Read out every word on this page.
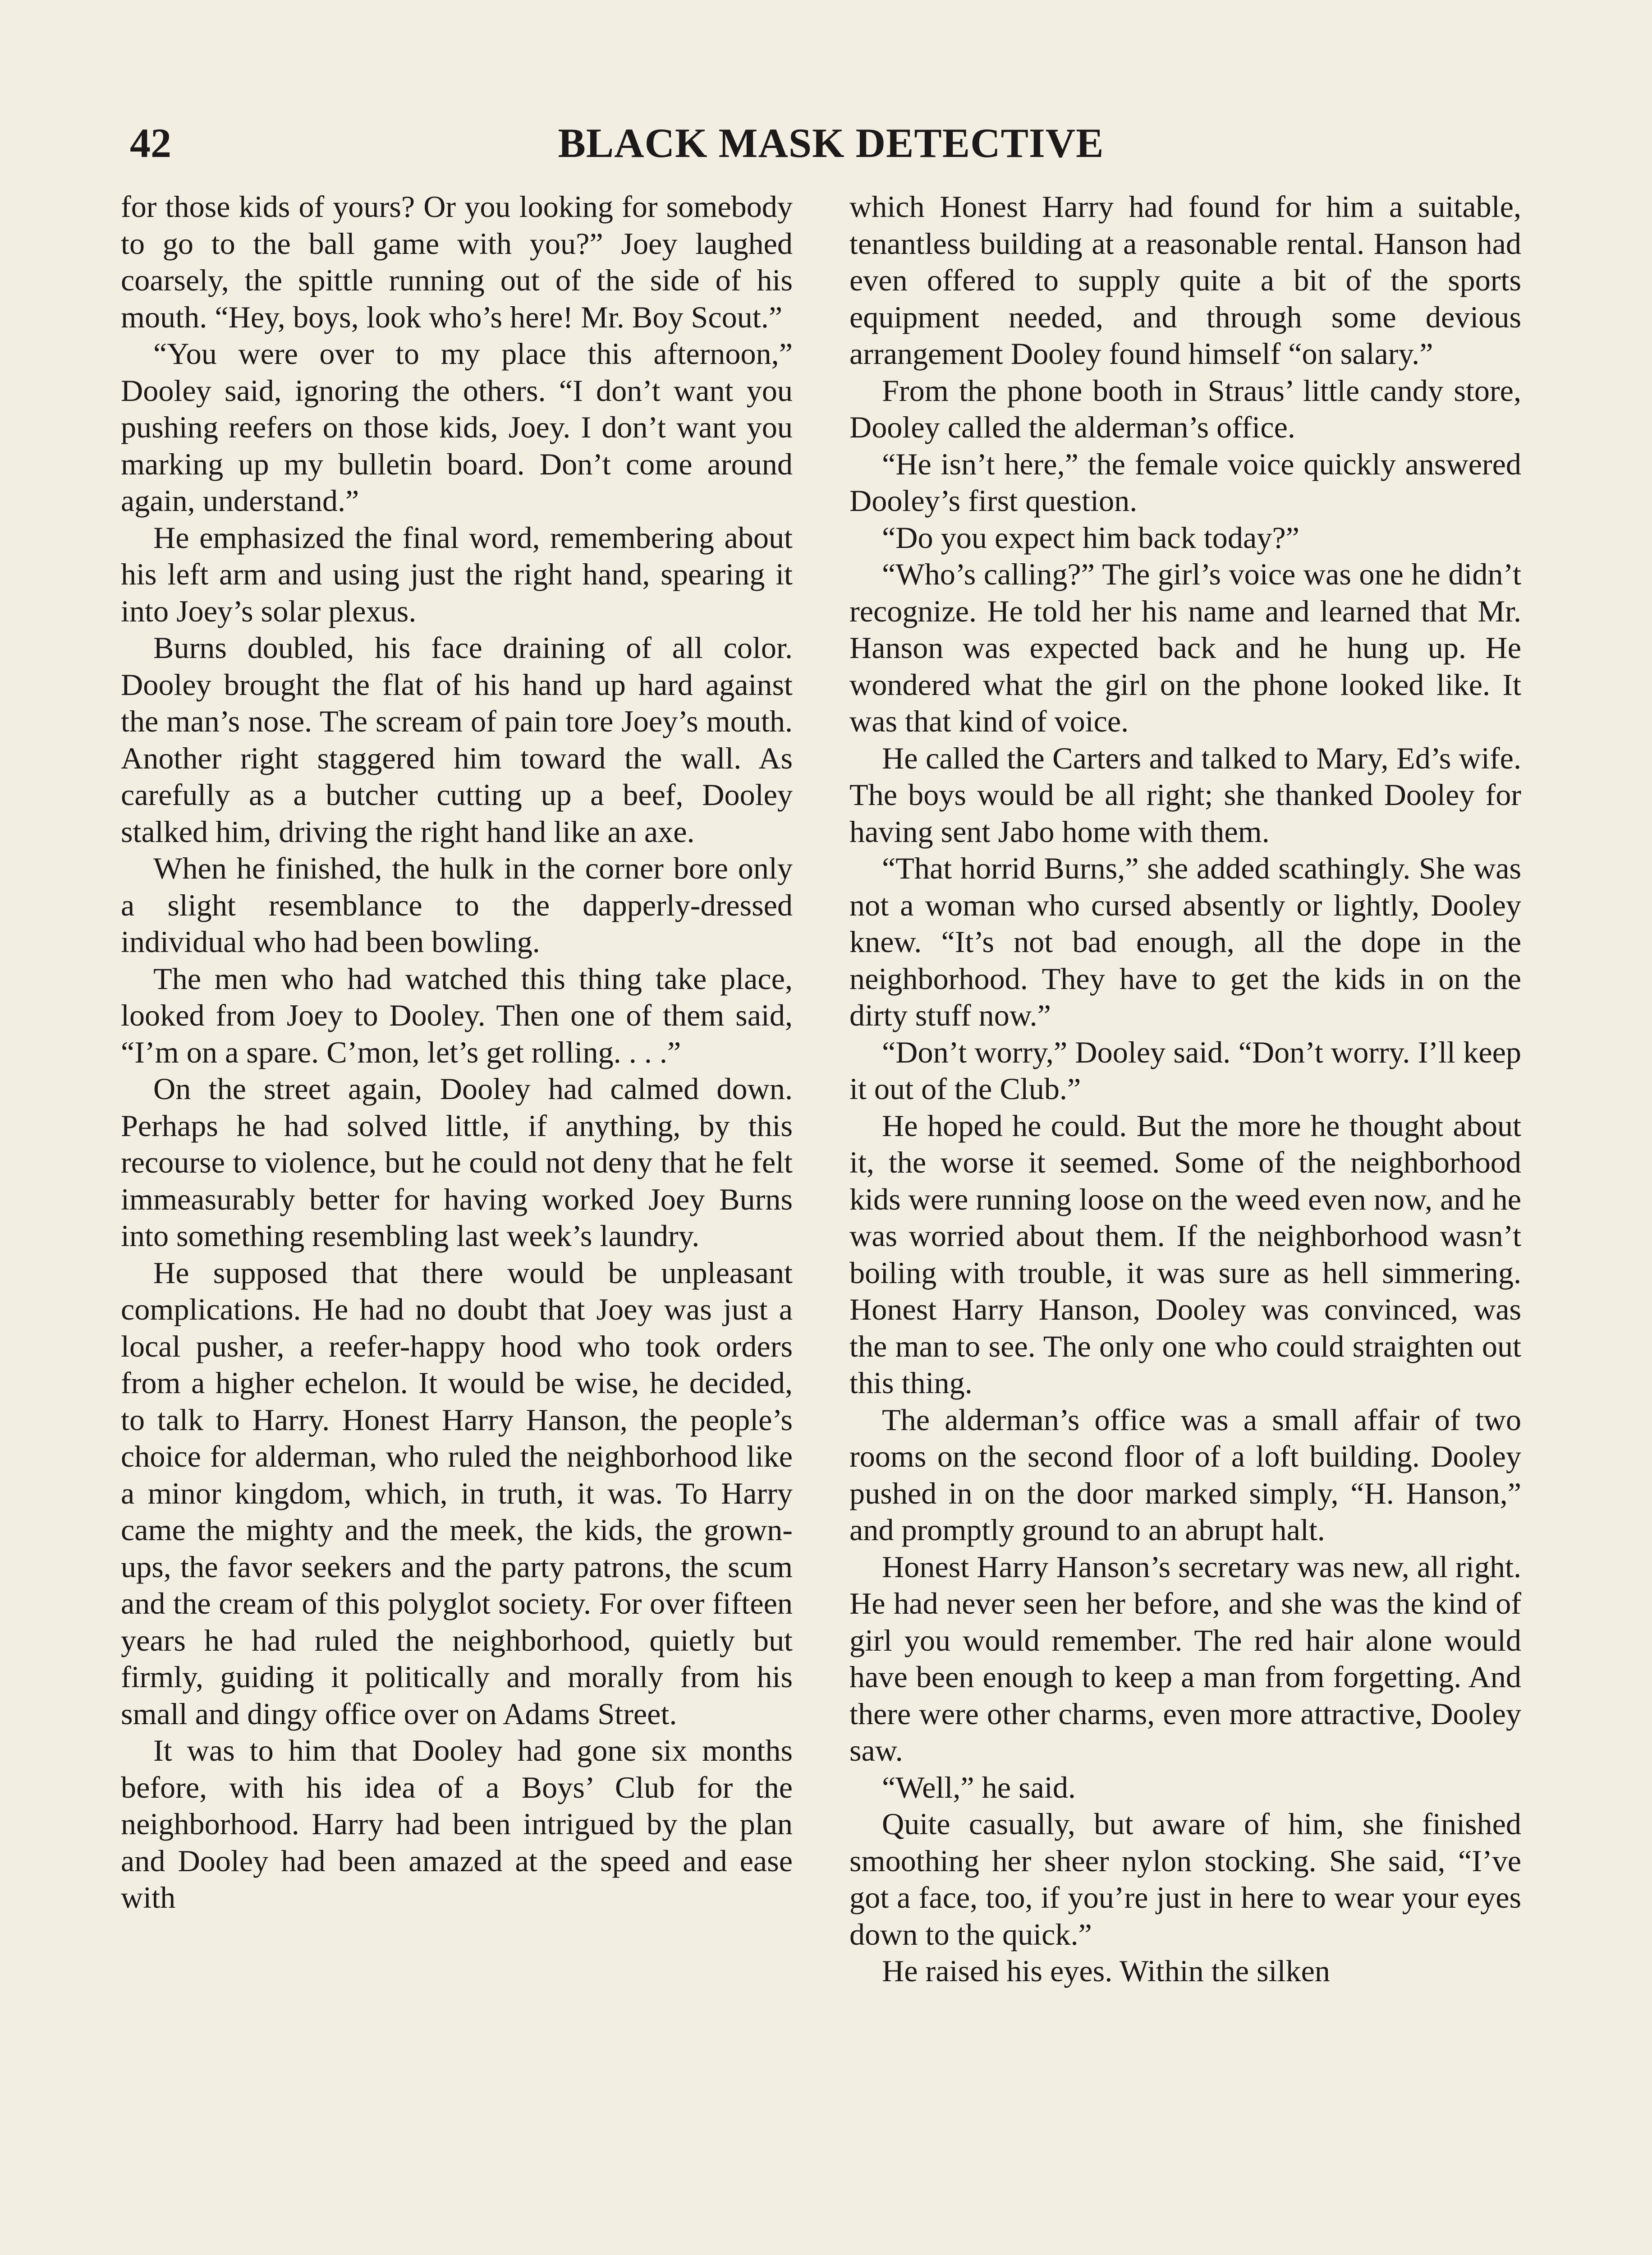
42	BLACK MASK DETECTIVE

for those kids of yours? Or you looking for somebody to go to the ball game with you?” Joey laughed coarsely, the spittle running out of the side of his mouth. “Hey, boys, look who’s here! Mr. Boy Scout.”

“You were over to my place this afternoon,” Dooley said, ignoring the others. “I don’t want you pushing reefers on those kids, Joey. I don’t want you marking up my bulletin board. Don’t come around again, understand.”

He emphasized the final word, remembering about his left arm and using just the right hand, spearing it into Joey’s solar plexus.

Burns doubled, his face draining of all color. Dooley brought the flat of his hand up hard against the man’s nose. The scream of pain tore Joey’s mouth. Another right staggered him toward the wall. As carefully as a butcher cutting up a beef, Dooley stalked him, driving the right hand like an axe.

When he finished, the hulk in the corner bore only a slight resemblance to the dapperly-dressed individual who had been bowling.

The men who had watched this thing take place, looked from Joey to Dooley. Then one of them said, “I’m on a spare. C’mon, let’s get rolling. . . .”

On the street again, Dooley had calmed down. Perhaps he had solved little, if anything, by this recourse to violence, but he could not deny that he felt immeasurably better for having worked Joey Burns into something resembling last week’s laundry.

He supposed that there would be unpleasant complications. He had no doubt that Joey was just a local pusher, a reefer-happy hood who took orders from a higher echelon. It would be wise, he decided, to talk to Harry. Honest Harry Hanson, the people’s choice for alderman, who ruled the neighborhood like a minor kingdom, which, in truth, it was. To Harry came the mighty and the meek, the kids, the grown-ups, the favor seekers and the party patrons, the scum and the cream of this polyglot society. For over fifteen years he had ruled the neighborhood, quietly but firmly, guiding it politically and morally from his small and dingy office over on Adams Street.

It was to him that Dooley had gone six months before, with his idea of a Boys’ Club for the neighborhood. Harry had been intrigued by the plan and Dooley had been amazed at the speed and ease with

which Honest Harry had found for him a suitable, tenantless building at a reasonable rental. Hanson had even offered to supply quite a bit of the sports equipment needed, and through some devious arrangement Dooley found himself “on salary.”

From the phone booth in Straus’ little candy store, Dooley called the alderman’s office.

“He isn’t here,” the female voice quickly answered Dooley’s first question.

“Do you expect him back today?”

“Who’s calling?” The girl’s voice was one he didn’t recognize. He told her his name and learned that Mr. Hanson was expected back and he hung up. He wondered what the girl on the phone looked like. It was that kind of voice.

He called the Carters and talked to Mary, Ed’s wife. The boys would be all right; she thanked Dooley for having sent Jabo home with them.

“That horrid Burns,” she added scathingly. She was not a woman who cursed absently or lightly, Dooley knew. “It’s not bad enough, all the dope in the neighborhood. They have to get the kids in on the dirty stuff now.”

“Don’t worry,” Dooley said. “Don’t worry. I’ll keep it out of the Club.”

He hoped he could. But the more he thought about it, the worse it seemed. Some of the neighborhood kids were running loose on the weed even now, and he was worried about them. If the neighborhood wasn’t boiling with trouble, it was sure as hell simmering. Honest Harry Hanson, Dooley was convinced, was the man to see. The only one who could straighten out this thing.

The alderman’s office was a small affair of two rooms on the second floor of a loft building. Dooley pushed in on the door marked simply, “H. Hanson,” and promptly ground to an abrupt halt.

Honest Harry Hanson’s secretary was new, all right. He had never seen her before, and she was the kind of girl you would remember. The red hair alone would have been enough to keep a man from forgetting. And there were other charms, even more attractive, Dooley saw.

“Well,” he said.

Quite casually, but aware of him, she finished smoothing her sheer nylon stocking. She said, “I’ve got a face, too, if you’re just in here to wear your eyes down to the quick.”

He raised his eyes. Within the silken
